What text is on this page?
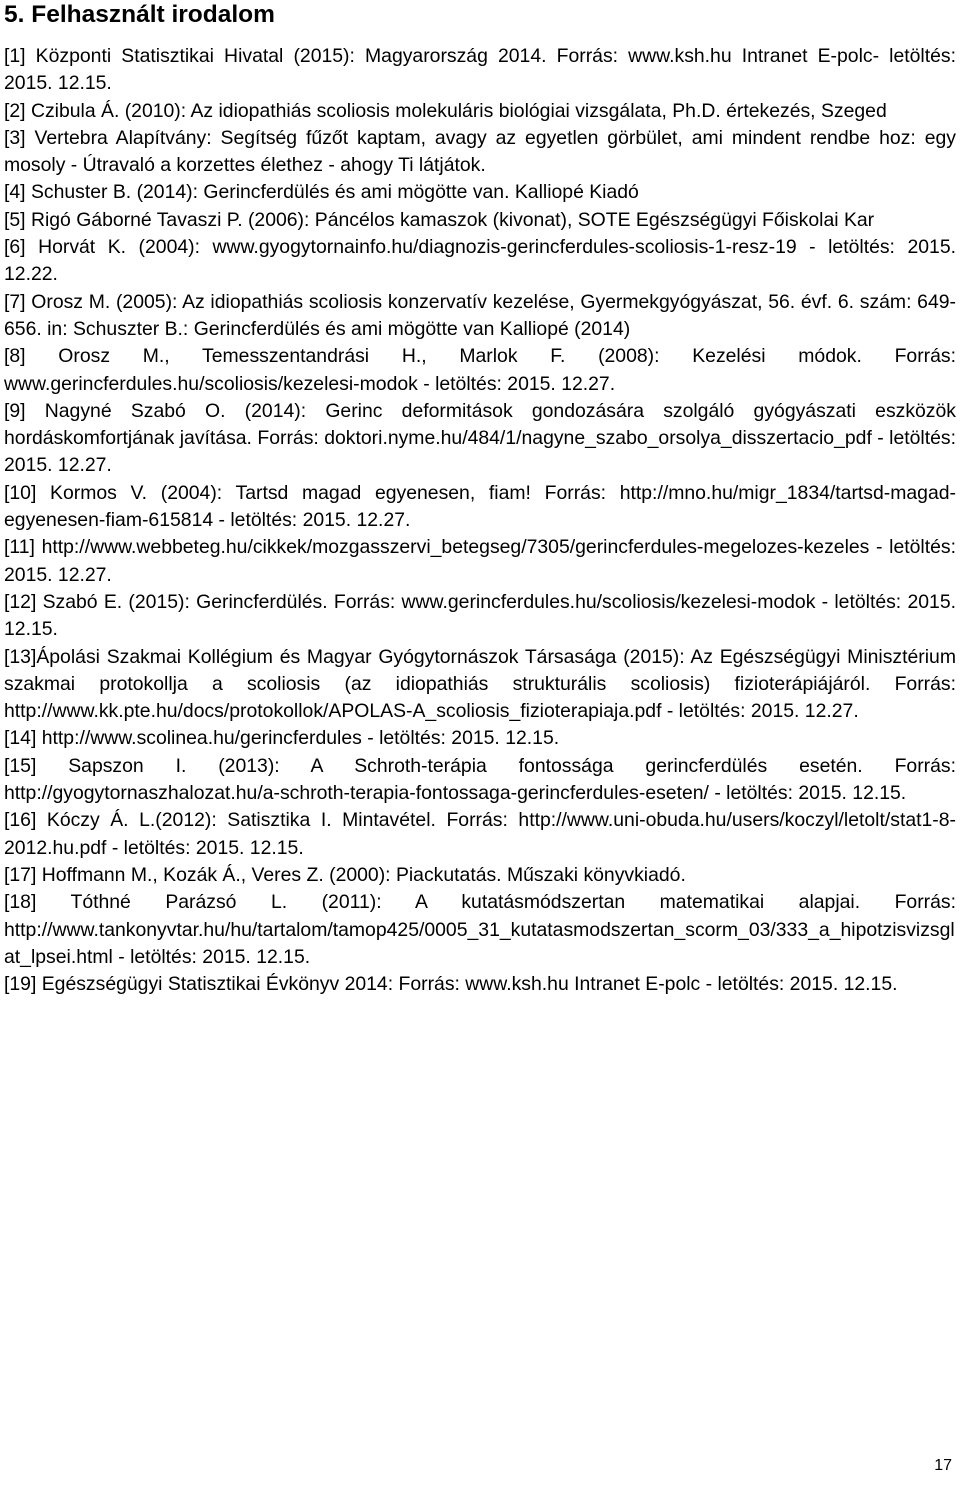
5. Felhasznált irodalom

[1] Központi Statisztikai Hivatal (2015): Magyarország 2014. Forrás: www.ksh.hu Intranet E-polc- letöltés: 2015. 12.15.

[2] Czibula Á. (2010): Az idiopathiás scoliosis molekuláris biológiai vizsgálata, Ph.D. értekezés, Szeged

[3] Vertebra Alapítvány: Segítség fűzőt kaptam, avagy az egyetlen görbület, ami mindent rendbe hoz: egy mosoly - Útravaló a korzettes élethez - ahogy Ti látjátok.

[4] Schuster B. (2014): Gerincferdülés és ami mögötte van. Kalliopé Kiadó

[5] Rigó Gáborné Tavaszi P. (2006): Páncélos kamaszok (kivonat), SOTE Egészségügyi Főiskolai Kar

[6] Horvát K. (2004): www.gyogytornainfo.hu/diagnozis-gerincferdules-scoliosis-1-resz-19 - letöltés: 2015. 12.22.

[7] Orosz M. (2005): Az idiopathiás scoliosis konzervatív kezelése, Gyermekgyógyászat, 56. évf. 6. szám: 649-656. in: Schuszter B.: Gerincferdülés és ami mögötte van Kalliopé (2014)

[8] Orosz M., Temesszentandrási H., Marlok F. (2008): Kezelési módok. Forrás: www.gerincferdules.hu/scoliosis/kezelesi-modok - letöltés: 2015. 12.27.

[9] Nagyné Szabó O. (2014): Gerinc deformitások gondozására szolgáló gyógyászati eszközök hordáskomfortjának javítása. Forrás: doktori.nyme.hu/484/1/nagyne_szabo_orsolya_disszertacio_pdf - letöltés: 2015. 12.27.

[10] Kormos V. (2004): Tartsd magad egyenesen, fiam! Forrás: http://mno.hu/migr_1834/tartsd-magad-egyenesen-fiam-615814 - letöltés: 2015. 12.27.

[11] http://www.webbeteg.hu/cikkek/mozgasszervi_betegseg/7305/gerincferdules-megelozes-kezeles - letöltés: 2015. 12.27.

[12] Szabó E. (2015): Gerincferdülés. Forrás: www.gerincferdules.hu/scoliosis/kezelesi-modok - letöltés: 2015. 12.15.

[13]Ápolási Szakmai Kollégium és Magyar Gyógytornászok Társasága (2015): Az Egészségügyi Minisztérium szakmai protokollja a scoliosis (az idiopathiás strukturális scoliosis) fizioterápiájáról. Forrás: http://www.kk.pte.hu/docs/protokollok/APOLAS-A_scoliosis_fizioterapiaja.pdf - letöltés: 2015. 12.27.

[14] http://www.scolinea.hu/gerincferdules - letöltés: 2015. 12.15.

[15] Sapszon I. (2013): A Schroth-terápia fontossága gerincferdülés esetén. Forrás: http://gyogytornaszhalozat.hu/a-schroth-terapia-fontossaga-gerincferdules-eseten/ - letöltés: 2015. 12.15.

[16] Kóczy Á. L.(2012): Satisztika I. Mintavétel. Forrás: http://www.uni-obuda.hu/users/koczyl/letolt/stat1-8-2012.hu.pdf - letöltés: 2015. 12.15.

[17] Hoffmann M., Kozák Á., Veres Z. (2000): Piackutatás. Műszaki könyvkiadó.

[18] Tóthné Parázsó L. (2011): A kutatásmódszertan matematikai alapjai. Forrás: http://www.tankonyvtar.hu/hu/tartalom/tamop425/0005_31_kutatasmodszertan_scorm_03/333_a_hipotzisvizsglat_lpsei.html - letöltés: 2015. 12.15.

[19] Egészségügyi Statisztikai Évkönyv 2014: Forrás: www.ksh.hu Intranet E-polc - letöltés: 2015. 12.15.

17
